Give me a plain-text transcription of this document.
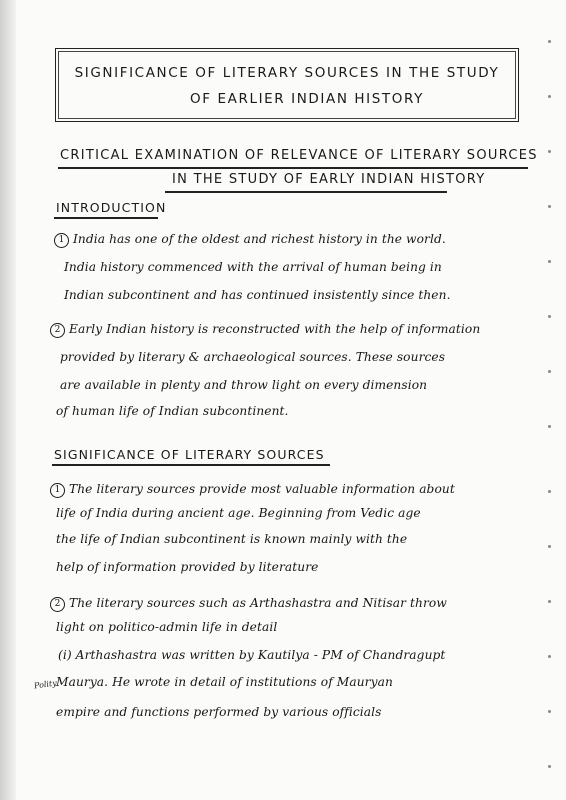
SIGNIFICANCE OF LITERARY SOURCES IN THE STUDY
OF EARLIER INDIAN HISTORY
CRITICAL EXAMINATION OF RELEVANCE OF LITERARY SOURCES
IN THE STUDY OF EARLY INDIAN HISTORY
INTRODUCTION
1 India has one of the oldest and richest history in the world.
India history commenced with the arrival of human being in
Indian subcontinent and has continued insistently since then.
2 Early Indian history is reconstructed with the help of information
provided by literary & archaeological sources. These sources
are available in plenty and throw light on every dimension
of human life of Indian subcontinent.
SIGNIFICANCE OF LITERARY SOURCES
1 The literary sources provide most valuable information about
life of India during ancient age. Beginning from Vedic age
the life of Indian subcontinent is known mainly with the
help of information provided by literature
2 The literary sources such as Arthashastra and Nitisar throw
light on politico-admin life in detail
(i) Arthashastra was written by Kautilya - PM of Chandragupt
Polity
Maurya. He wrote in detail of institutions of Mauryan
empire and functions performed by various officials
